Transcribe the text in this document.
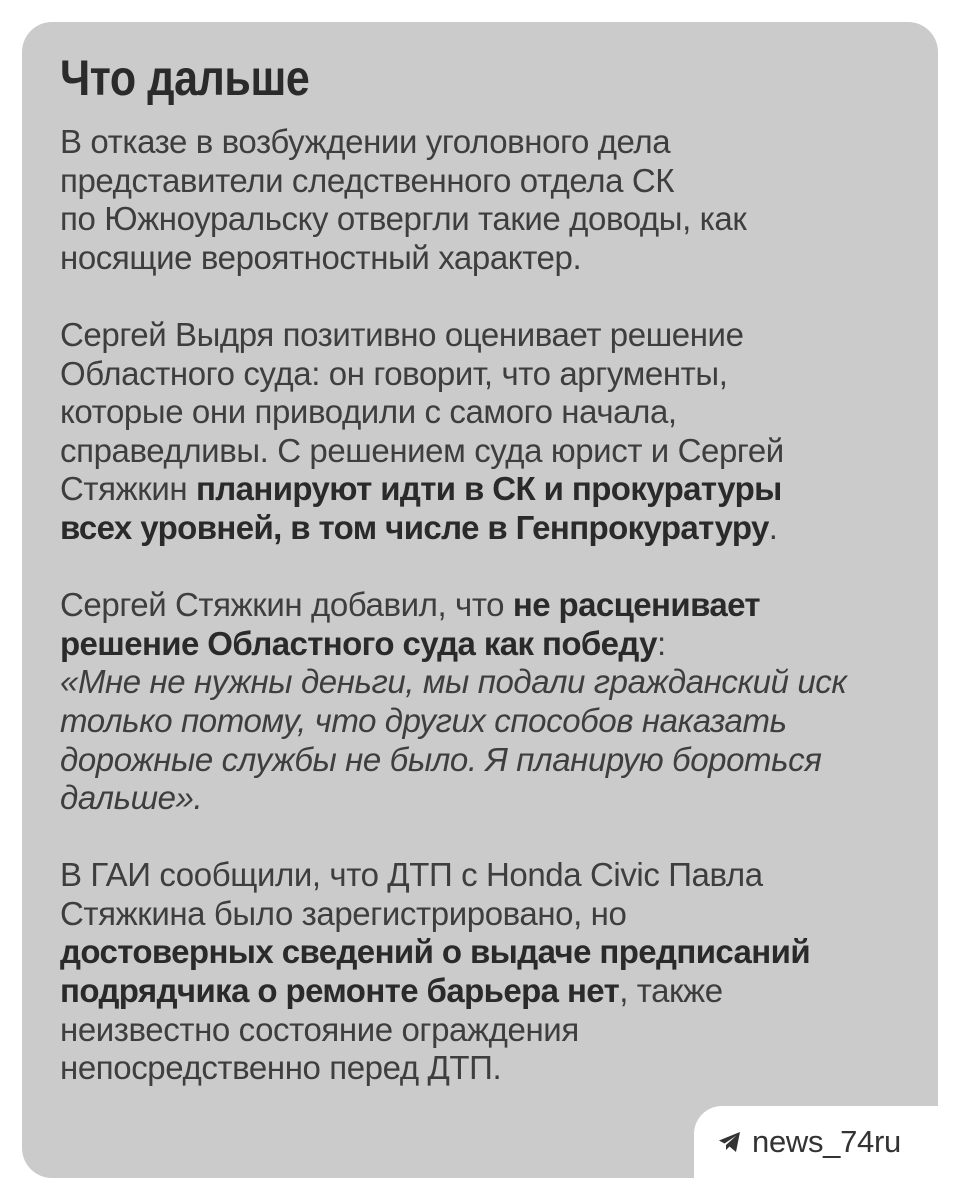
Что дальше

В отказе в возбуждении уголовного дела
представители следственного отдела СК
по Южноуральску отвергли такие доводы, как
носящие вероятностный характер.

Сергей Выдря позитивно оценивает решение
Областного суда: он говорит, что аргументы,
которые они приводили с самого начала,
справедливы. С решением суда юрист и Сергей
Стяжкин планируют идти в СК и прокуратуры
всех уровней, в том числе в Генпрокуратуру.

Сергей Стяжкин добавил, что не расценивает
решение Областного суда как победу:
«Мне не нужны деньги, мы подали гражданский иск
только потому, что других способов наказать
дорожные службы не было. Я планирую бороться
дальше».

В ГАИ сообщили, что ДТП с Honda Civic Павла
Стяжкина было зарегистрировано, но
достоверных сведений о выдаче предписаний
подрядчика о ремонте барьера нет, также
неизвестно состояние ограждения
непосредственно перед ДТП.

news_74ru
